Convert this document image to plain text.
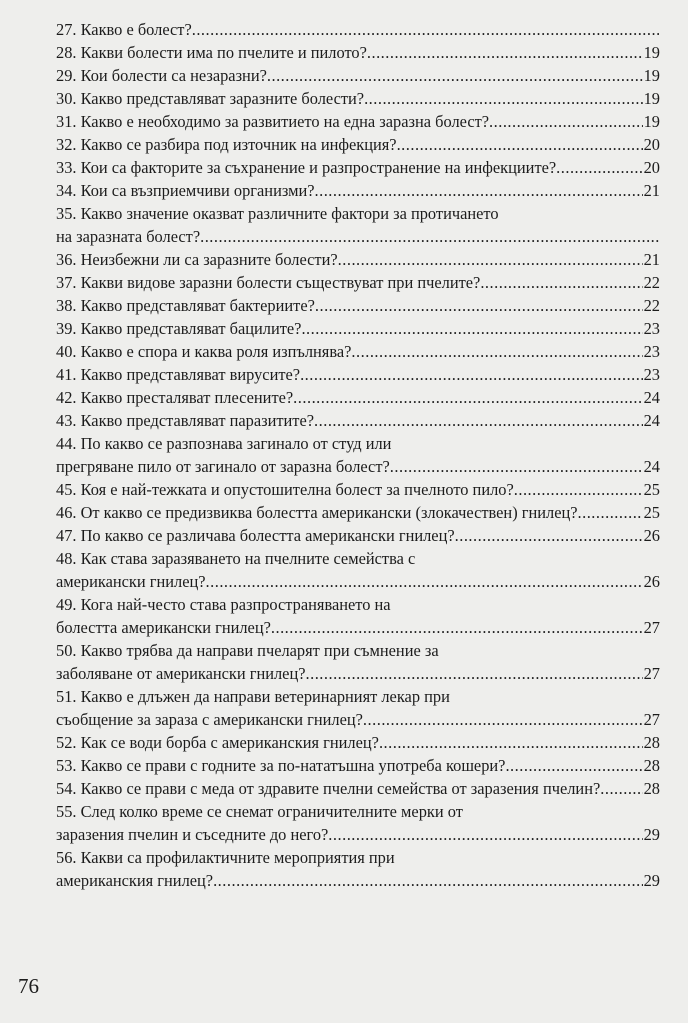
27. Какво е болест?
.....
28. Какви болести има по пчелите и пилото? .....	19
29. Кои болести са незаразни? .....	19
30. Какво представляват заразните болести? .....	19
31. Какво е необходимо за развитието на една заразна болест? .....	19
32. Какво се разбира под източник на инфекция? .....	20
33. Кои са факторите за съхранение и разпространение на инфекциите? .....	20
34. Кои са възприемчиви организми? .....	21
35. Какво значение оказват различните фактори за протичането
на заразната болест?
.....
36. Неизбежни ли са заразните болести? .....	21
37. Какви видове заразни болести съществуват при пчелите? .....	22
38. Какво представляват бактериите? .....	22
39. Какво представляват бацилите? .....	23
40. Какво е спора и каква роля изпълнява? .....	23
41. Какво представляват вирусите? .....	23
42. Какво престаляват плесените? .....	24
43. Какво представляват паразитите? .....	24
44. По какво се разпознава загинало от студ или
прегряване пило от загинало от заразна болест? .....	24
45. Коя е най-тежката и опустошителна болест за пчелното пило? .....	25
46. От какво се предизвиква болестта американски (злокачествен) гнилец? .....	25
47. По какво се различава болестта американски гнилец? .....	26
48. Как става заразяването на пчелните семейства с
американски гнилец? .....	26
49. Кога най-често става разпространяването на
болестта американски гнилец? .....	27
50. Какво трябва да направи пчеларят при съмнение за
заболяване от американски гнилец? .....	27
51. Какво е длъжен да направи ветеринарният лекар при
съобщение за зараза с американски гнилец? .....	27
52. Как се води борба с американския гнилец? .....	28
53. Какво се прави с годните за по-нататъшна употреба кошери? .....	28
54. Какво се прави с меда от здравите пчелни семейства от заразения пчелин? .....	28
55. След колко време се снемат ограничителните мерки от
заразения пчелин и съседните до него? .....	29
56. Какви са профилактичните мероприятия при
американския гнилец? .....	29
76
